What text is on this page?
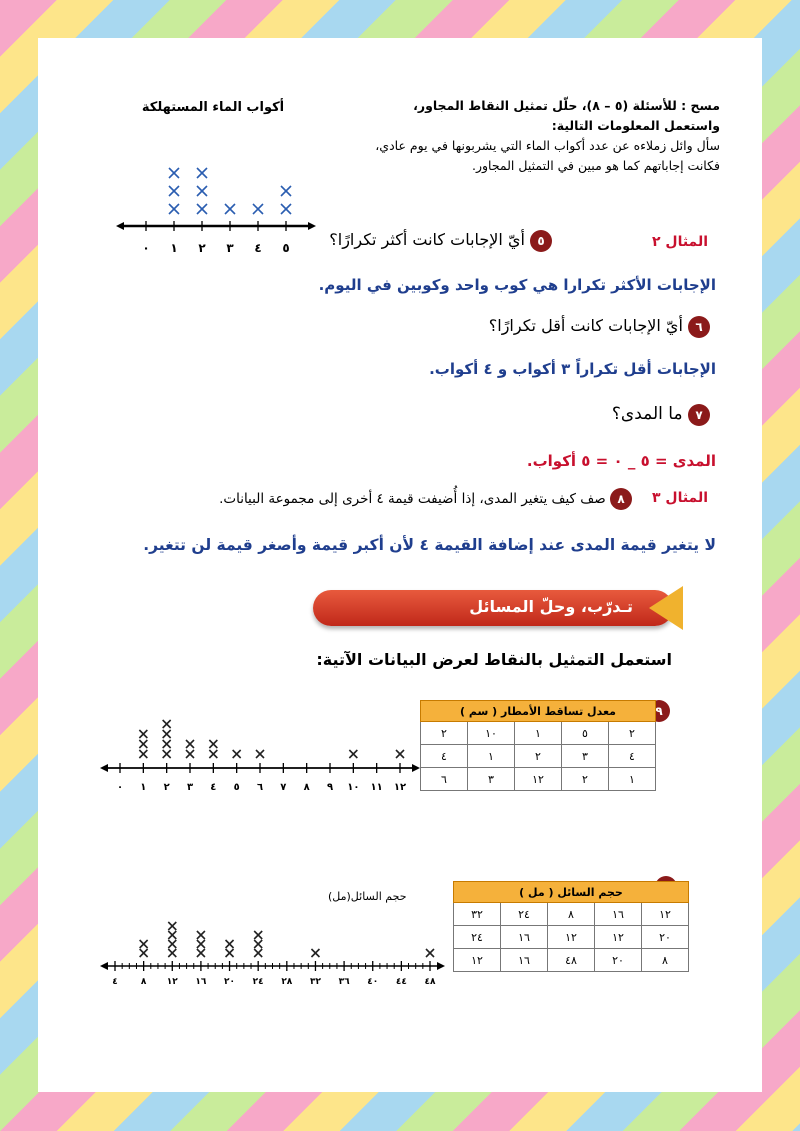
مسح : للأسئلة (٥ – ٨)، حلّل تمثيل النقاط المجاور،
واستعمل المعلومات التالية:
سأل وائل زملاءه عن عدد أكواب الماء التي يشربونها في يوم عادي،
فكانت إجاباتهم كما هو مبين في التمثيل المجاور.
أكواب الماء المستهلكة
٠ ١ ٢ ٣ ٤ ٥	المثال ٢
٥ أيّ الإجابات كانت أكثر تكرارًا؟
الإجابات الأكثر تكرارا هي كوب واحد وكوبين في اليوم.
٦ أيّ الإجابات كانت أقل تكرارًا؟
الإجابات أقل تكراراً ٣ أكواب و ٤ أكواب.
٧ ما المدى؟
المدى = ٥ _ ٠ = ٥ أكواب.
المثال ٣
٨ صف كيف يتغير المدى، إذا أُضيفت قيمة ٤ أخرى إلى مجموعة البيانات.
لا يتغير قيمة المدى عند إضافة القيمة ٤ لأن أكبر قيمة وأصغر قيمة لن تتغير.
تـدرّب، وحلّ المسائل
استعمل التمثيل بالنقاط لعرض البيانات الآتية:
٩
معدل تساقط الأمطار ( سم )				
٢	١٠	١	٥	٢
٤	١	٢	٣	٤
٦	٣	١٢	٢	١
٠ ١ ٢ ٣ ٤ ٥ ٦ ٧ ٨ ٩ ١٠ ١١ ١٢
حجم السائل ( مل )				
٣٢	٢٤	٨	١٦	١٢
٢٤	١٦	١٢	١٢	٢٠
١٢	١٦	٤٨	٢٠	٨
حجم السائل(مل)
٤	٨ ١٢ ١٦ ٢٠ ٢٤ ٢٨ ٣٢ ٣٦ ٤٠ ٤٤ ٤٨
